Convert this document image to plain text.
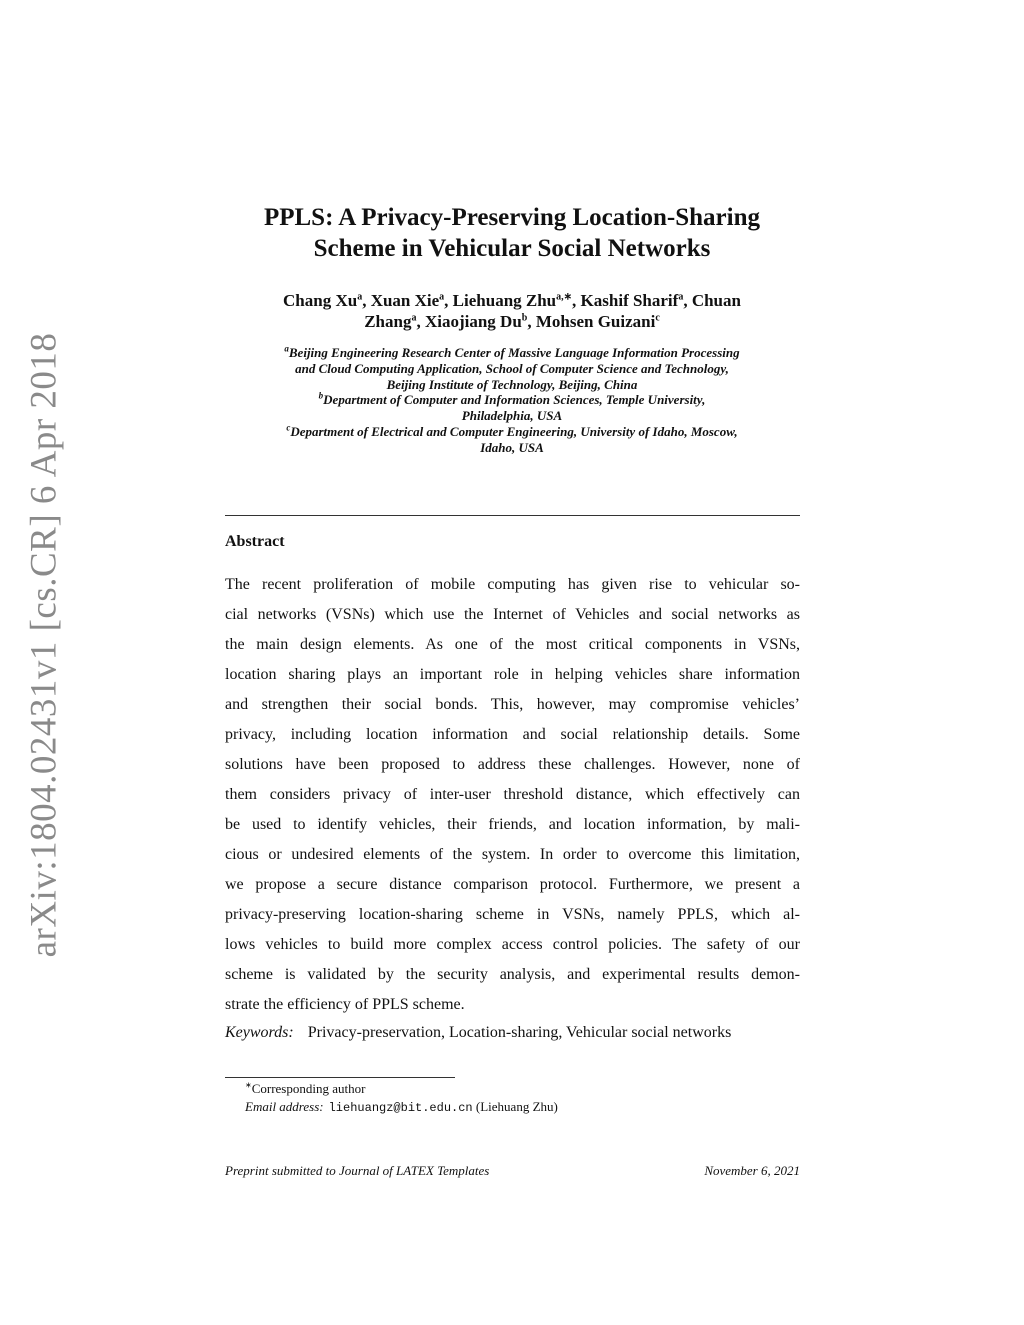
arXiv:1804.02431v1 [cs.CR] 6 Apr 2018
PPLS: A Privacy-Preserving Location-Sharing
Scheme in Vehicular Social Networks
Chang Xu$^a$, Xuan Xie$^a$, Liehuang Zhu$^{a,∗}$, Kashif Sharif$^a$, Chuan
Zhang$^a$, Xiaojiang Du$^b$, Mohsen Guizani$^c$
$^a$Beijing Engineering Research Center of Massive Language Information Processing
and Cloud Computing Application, School of Computer Science and Technology,
Beijing Institute of Technology, Beijing, China
$^b$Department of Computer and Information Sciences, Temple University,
Philadelphia, USA
$^c$Department of Electrical and Computer Engineering, University of Idaho, Moscow,
Idaho, USA
Abstract
The recent proliferation of mobile computing has given rise to vehicular so-
cial networks (VSNs) which use the Internet of Vehicles and social networks as
the main design elements. As one of the most critical components in VSNs,
location sharing plays an important role in helping vehicles share information
and strengthen their social bonds. This, however, may compromise vehicles’
privacy, including location information and social relationship details. Some
solutions have been proposed to address these challenges. However, none of
them considers privacy of inter-user threshold distance, which effectively can
be used to identify vehicles, their friends, and location information, by mali-
cious or undesired elements of the system. In order to overcome this limitation,
we propose a secure distance comparison protocol. Furthermore, we present a
privacy-preserving location-sharing scheme in VSNs, namely PPLS, which al-
lows vehicles to build more complex access control policies. The safety of our
scheme is validated by the security analysis, and experimental results demon-
strate the efficiency of PPLS scheme.
Keywords: Privacy-preservation, Location-sharing, Vehicular social networks
∗Corresponding author
Email address: liehuangz@bit.edu.cn (Liehuang Zhu)
Preprint submitted to Journal of LATEX Templates	November 6, 2021
